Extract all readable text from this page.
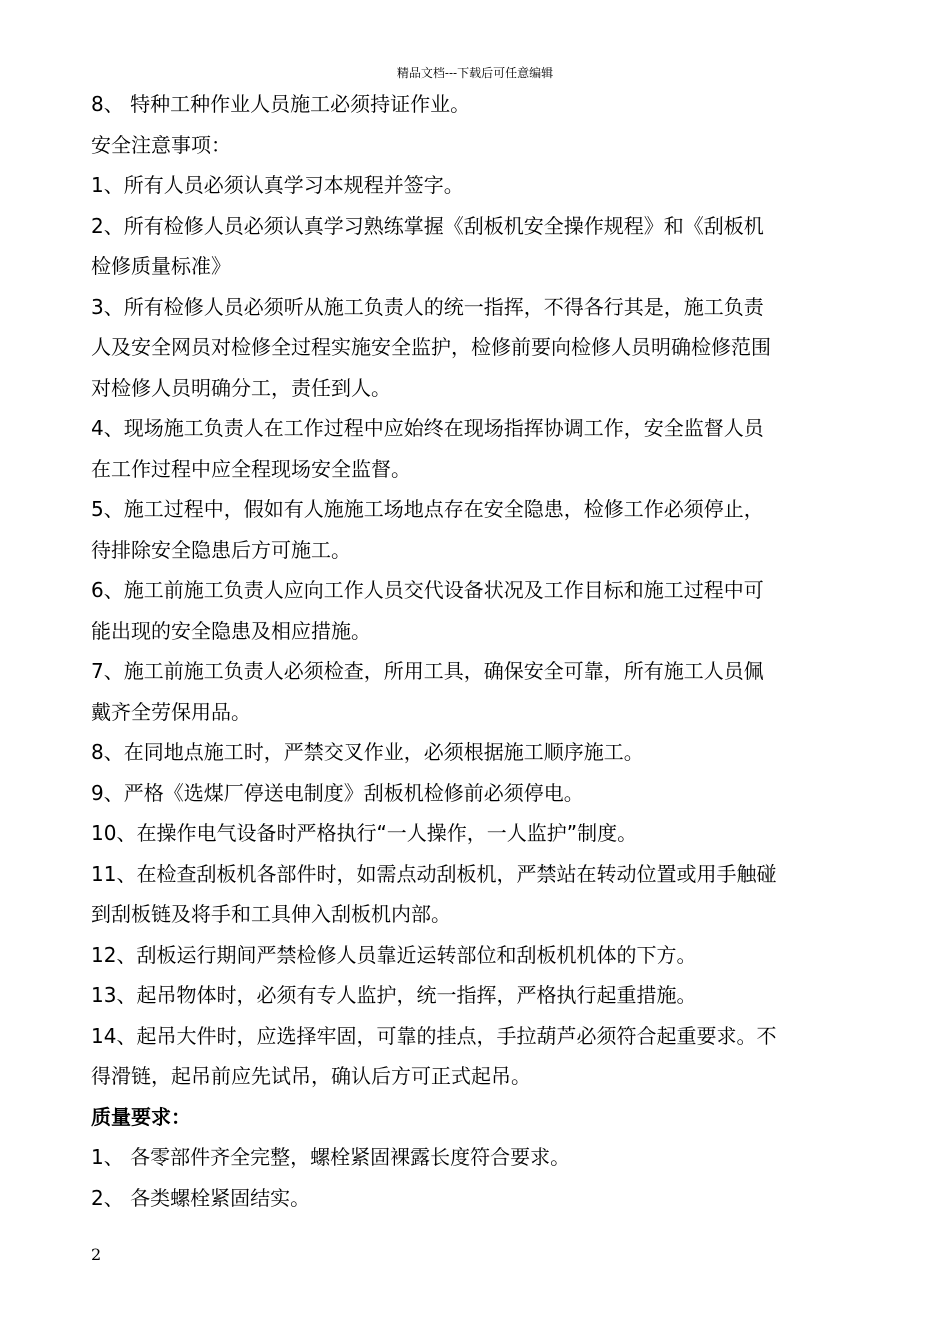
精品文档---下载后可任意编辑
8、 特种工种作业人员施工必须持证作业。
安全注意事项：
1、所有人员必须认真学习本规程并签字。
2、所有检修人员必须认真学习熟练掌握《刮板机安全操作规程》和《刮板机
检修质量标准》
3、所有检修人员必须听从施工负责人的统一指挥，不得各行其是，施工负责
人及安全网员对检修全过程实施安全监护，检修前要向检修人员明确检修范围
对检修人员明确分工，责任到人。
4、现场施工负责人在工作过程中应始终在现场指挥协调工作，安全监督人员
在工作过程中应全程现场安全监督。
5、施工过程中，假如有人施施工场地点存在安全隐患，检修工作必须停止，
待排除安全隐患后方可施工。
6、施工前施工负责人应向工作人员交代设备状况及工作目标和施工过程中可
能出现的安全隐患及相应措施。
7、施工前施工负责人必须检查，所用工具，确保安全可靠，所有施工人员佩
戴齐全劳保用品。
8、在同地点施工时，严禁交叉作业，必须根据施工顺序施工。
9、严格《选煤厂停送电制度》刮板机检修前必须停电。
10、在操作电气设备时严格执行“一人操作，一人监护”制度。
11、在检查刮板机各部件时，如需点动刮板机，严禁站在转动位置或用手触碰
到刮板链及将手和工具伸入刮板机内部。
12、刮板运行期间严禁检修人员靠近运转部位和刮板机机体的下方。
13、起吊物体时，必须有专人监护，统一指挥，严格执行起重措施。
14、起吊大件时，应选择牢固，可靠的挂点，手拉葫芦必须符合起重要求。不
得滑链，起吊前应先试吊，确认后方可正式起吊。
质量要求：
1、 各零部件齐全完整，螺栓紧固裸露长度符合要求。
2、 各类螺栓紧固结实。
2
